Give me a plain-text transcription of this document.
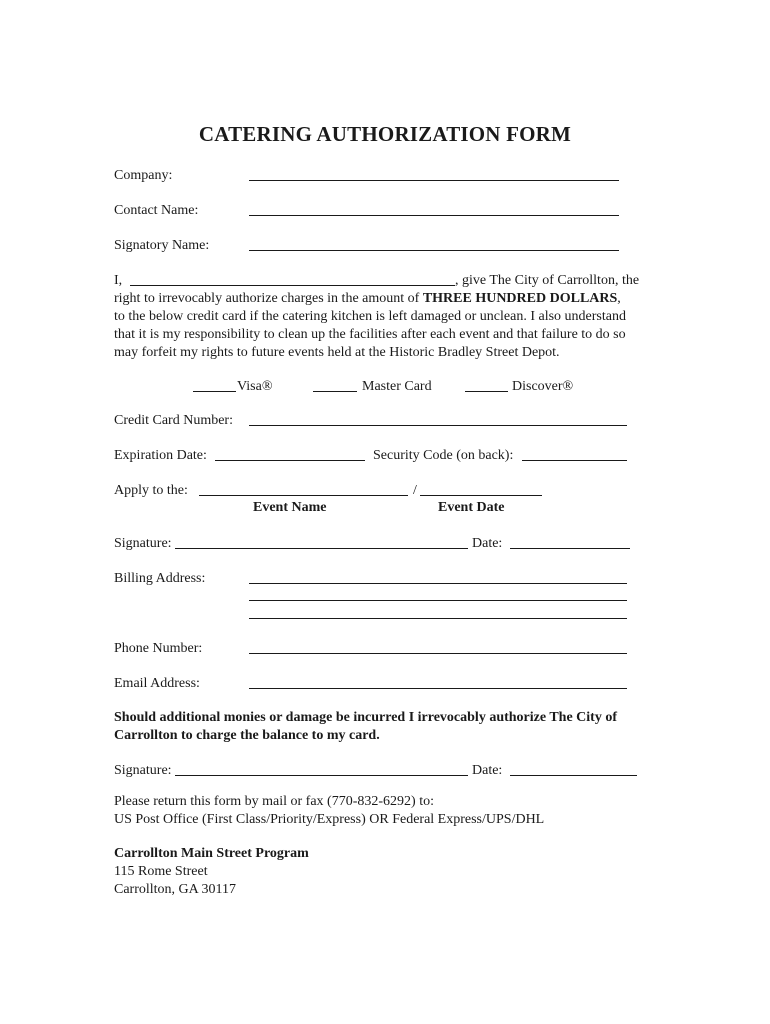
CATERING AUTHORIZATION FORM
Company:
Contact Name:
Signatory Name:
I,	, give The City of Carrollton, the
right to irrevocably authorize charges in the amount of THREE HUNDRED DOLLARS,
to the below credit card if the catering kitchen is left damaged or unclean. I also understand
that it is my responsibility to clean up the facilities after each event and that failure to do so
may forfeit my rights to future events held at the Historic Bradley Street Depot.
Visa®	Master Card	Discover®
Credit Card Number:
Expiration Date:	Security Code (on back):
Apply to the:	/
Event Name	Event Date
Signature:	Date:
Billing Address:
Phone Number:
Email Address:
Should additional monies or damage be incurred I irrevocably authorize The City of
Carrollton to charge the balance to my card.
Signature:	Date:
Please return this form by mail or fax (770-832-6292) to:
US Post Office (First Class/Priority/Express) OR Federal Express/UPS/DHL
Carrollton Main Street Program
115 Rome Street
Carrollton, GA 30117
